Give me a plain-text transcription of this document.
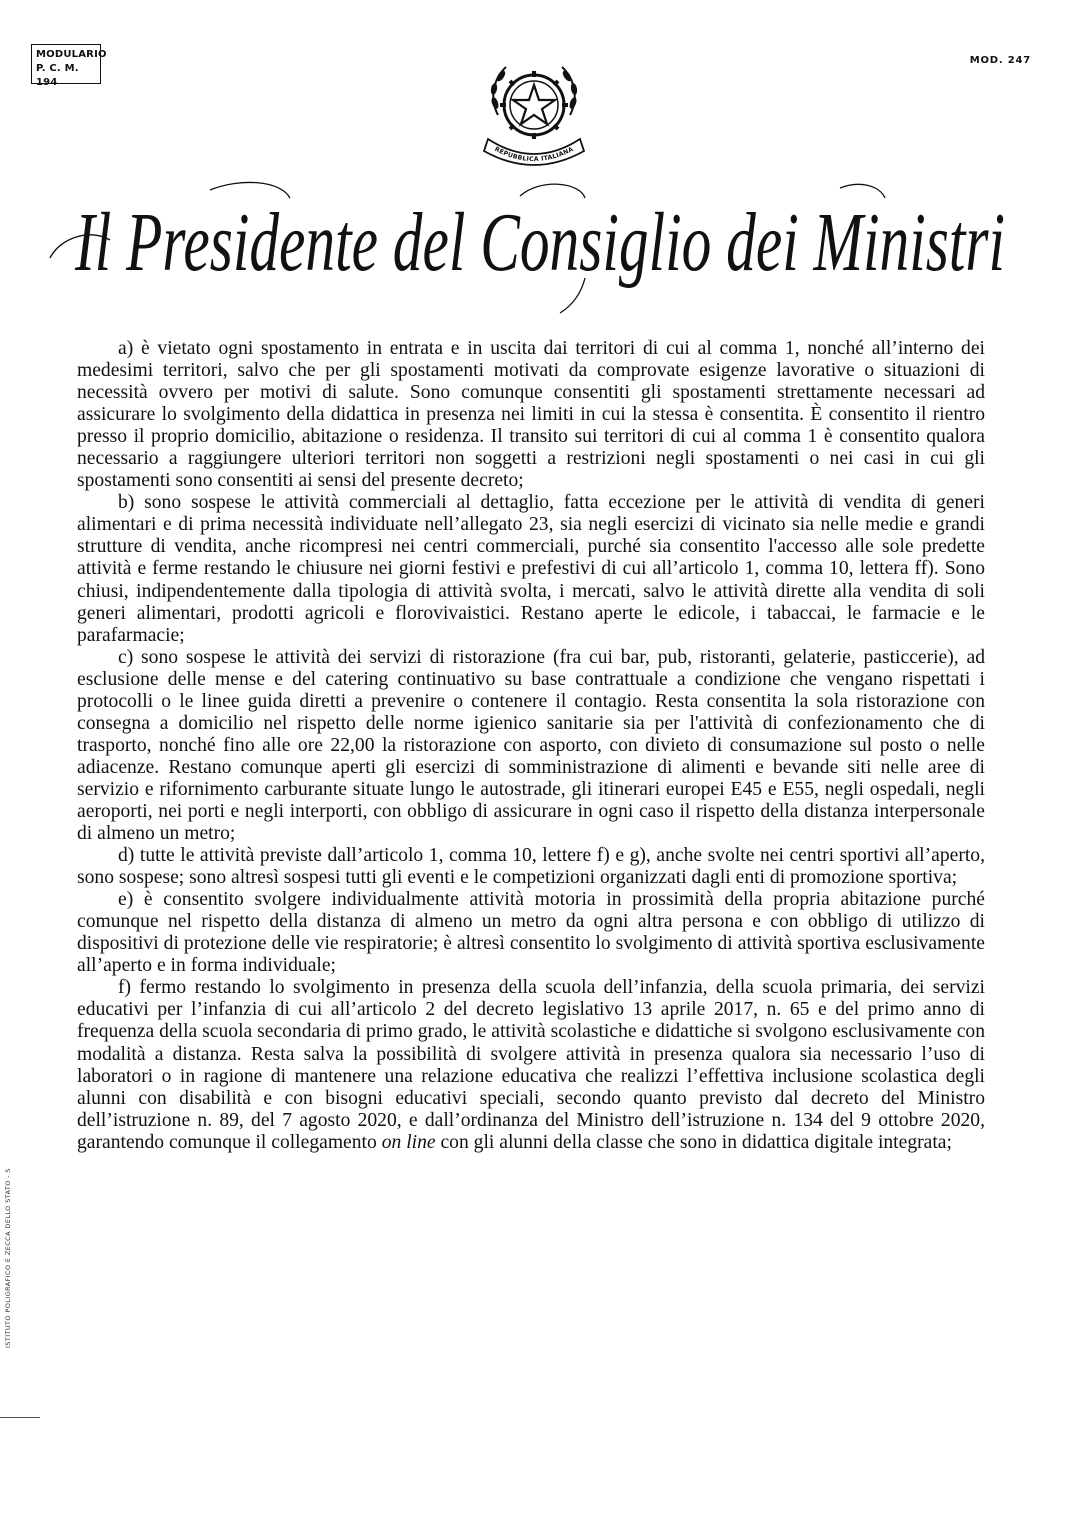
MODULARIO
P. C. M. 194
MOD. 247
REPUBBLICA ITALIANA
Il Presidente del Consiglio dei Ministri

a) è vietato ogni spostamento in entrata e in uscita dai territori di cui al comma 1, nonché all’interno dei medesimi territori, salvo che per gli spostamenti motivati da comprovate esigenze lavorative o situazioni di necessità ovvero per motivi di salute. Sono comunque consentiti gli spostamenti strettamente necessari ad assicurare lo svolgimento della didattica in presenza nei limiti in cui la stessa è consentita. È consentito il rientro presso il proprio domicilio, abitazione o residenza. Il transito sui territori di cui al comma 1 è consentito qualora necessario a raggiungere ulteriori territori non soggetti a restrizioni negli spostamenti o nei casi in cui gli spostamenti sono consentiti ai sensi del presente decreto;

b) sono sospese le attività commerciali al dettaglio, fatta eccezione per le attività di vendita di generi alimentari e di prima necessità individuate nell’allegato 23, sia negli esercizi di vicinato sia nelle medie e grandi strutture di vendita, anche ricompresi nei centri commerciali, purché sia consentito l'accesso alle sole predette attività e ferme restando le chiusure nei giorni festivi e prefestivi di cui all’articolo 1, comma 10, lettera ff). Sono chiusi, indipendentemente dalla tipologia di attività svolta, i mercati, salvo le attività dirette alla vendita di soli generi alimentari, prodotti agricoli e florovivaistici. Restano aperte le edicole, i tabaccai, le farmacie e le parafarmacie;

c) sono sospese le attività dei servizi di ristorazione (fra cui bar, pub, ristoranti, gelaterie, pasticcerie), ad esclusione delle mense e del catering continuativo su base contrattuale a condizione che vengano rispettati i protocolli o le linee guida diretti a prevenire o contenere il contagio. Resta consentita la sola ristorazione con consegna a domicilio nel rispetto delle norme igienico sanitarie sia per l'attività di confezionamento che di trasporto, nonché fino alle ore 22,00 la ristorazione con asporto, con divieto di consumazione sul posto o nelle adiacenze. Restano comunque aperti gli esercizi di somministrazione di alimenti e bevande siti nelle aree di servizio e rifornimento carburante situate lungo le autostrade, gli itinerari europei E45 e E55, negli ospedali, negli aeroporti, nei porti e negli interporti, con obbligo di assicurare in ogni caso il rispetto della distanza interpersonale di almeno un metro;

d) tutte le attività previste dall’articolo 1, comma 10, lettere f) e g), anche svolte nei centri sportivi all’aperto, sono sospese; sono altresì sospesi tutti gli eventi e le competizioni organizzati dagli enti di promozione sportiva;

e) è consentito svolgere individualmente attività motoria in prossimità della propria abitazione purché comunque nel rispetto della distanza di almeno un metro da ogni altra persona e con obbligo di utilizzo di dispositivi di protezione delle vie respiratorie; è altresì consentito lo svolgimento di attività sportiva esclusivamente all’aperto e in forma individuale;

f) fermo restando lo svolgimento in presenza della scuola dell’infanzia, della scuola primaria, dei servizi educativi per l’infanzia di cui all’articolo 2 del decreto legislativo 13 aprile 2017, n. 65 e del primo anno di frequenza della scuola secondaria di primo grado, le attività scolastiche e didattiche si svolgono esclusivamente con modalità a distanza. Resta salva la possibilità di svolgere attività in presenza qualora sia necessario l’uso di laboratori o in ragione di mantenere una relazione educativa che realizzi l’effettiva inclusione scolastica degli alunni con disabilità e con bisogni educativi speciali, secondo quanto previsto dal decreto del Ministro dell’istruzione n. 89, del 7 agosto 2020, e dall’ordinanza del Ministro dell’istruzione n. 134 del 9 ottobre 2020, garantendo comunque il collegamento on line con gli alunni della classe che sono in didattica digitale integrata;

ISTITUTO POLIGRAFICO E ZECCA DELLO STATO - S
